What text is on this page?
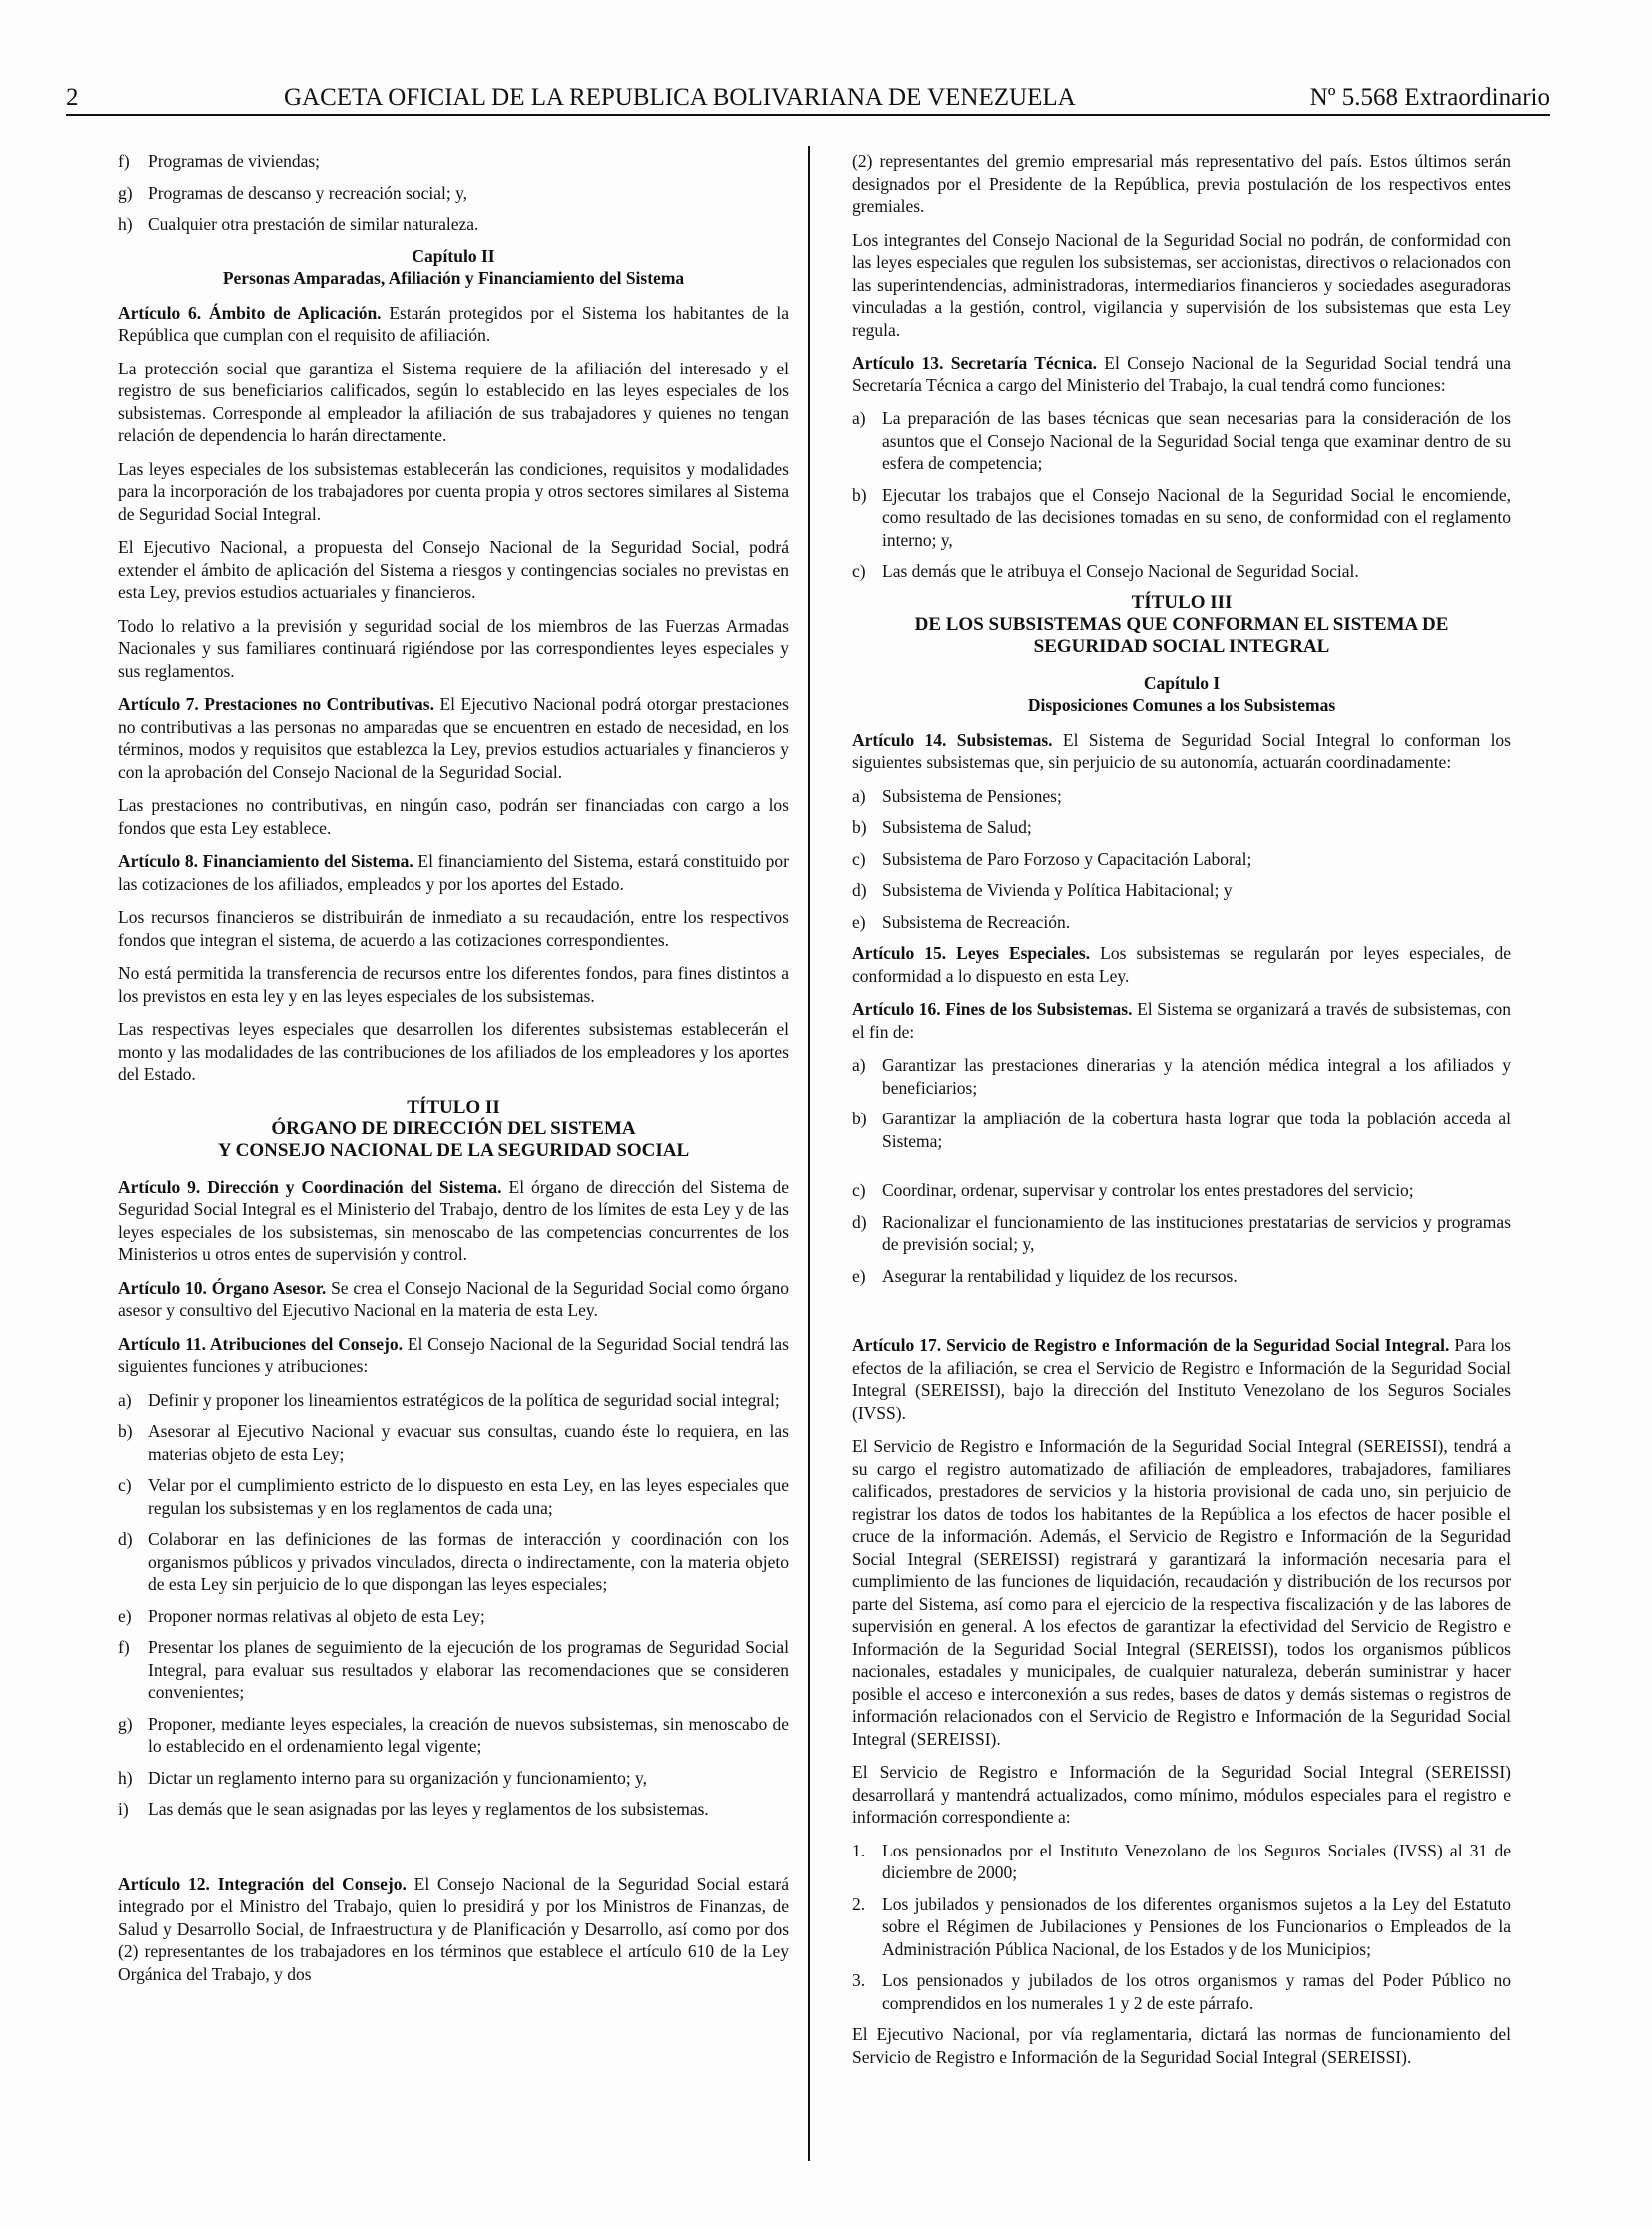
2	GACETA OFICIAL DE LA REPUBLICA BOLIVARIANA DE VENEZUELA	Nº 5.568 Extraordinario
f) Programas de viviendas;
g) Programas de descanso y recreación social; y,
h) Cualquier otra prestación de similar naturaleza.
Capítulo II
Personas Amparadas, Afiliación y Financiamiento del Sistema

Artículo 6. Ámbito de Aplicación. Estarán protegidos por el Sistema los habitantes de la República que cumplan con el requisito de afiliación.

La protección social que garantiza el Sistema requiere de la afiliación del interesado y el registro de sus beneficiarios calificados, según lo establecido en las leyes especiales de los subsistemas. Corresponde al empleador la afiliación de sus trabajadores y quienes no tengan relación de dependencia lo harán directamente.

Las leyes especiales de los subsistemas establecerán las condiciones, requisitos y modalidades para la incorporación de los trabajadores por cuenta propia y otros sectores similares al Sistema de Seguridad Social Integral.

El Ejecutivo Nacional, a propuesta del Consejo Nacional de la Seguridad Social, podrá extender el ámbito de aplicación del Sistema a riesgos y contingencias sociales no previstas en esta Ley, previos estudios actuariales y financieros.

Todo lo relativo a la previsión y seguridad social de los miembros de las Fuerzas Armadas Nacionales y sus familiares continuará rigiéndose por las correspondientes leyes especiales y sus reglamentos.

Artículo 7. Prestaciones no Contributivas. El Ejecutivo Nacional podrá otorgar prestaciones no contributivas a las personas no amparadas que se encuentren en estado de necesidad, en los términos, modos y requisitos que establezca la Ley, previos estudios actuariales y financieros y con la aprobación del Consejo Nacional de la Seguridad Social.

Las prestaciones no contributivas, en ningún caso, podrán ser financiadas con cargo a los fondos que esta Ley establece.

Artículo 8. Financiamiento del Sistema. El financiamiento del Sistema, estará constituido por las cotizaciones de los afiliados, empleados y por los aportes del Estado.

Los recursos financieros se distribuirán de inmediato a su recaudación, entre los respectivos fondos que integran el sistema, de acuerdo a las cotizaciones correspondientes.

No está permitida la transferencia de recursos entre los diferentes fondos, para fines distintos a los previstos en esta ley y en las leyes especiales de los subsistemas.

Las respectivas leyes especiales que desarrollen los diferentes subsistemas establecerán el monto y las modalidades de las contribuciones de los afiliados de los empleadores y los aportes del Estado.

TÍTULO II
ÓRGANO DE DIRECCIÓN DEL SISTEMA
Y CONSEJO NACIONAL DE LA SEGURIDAD SOCIAL

Artículo 9. Dirección y Coordinación del Sistema. El órgano de dirección del Sistema de Seguridad Social Integral es el Ministerio del Trabajo, dentro de los límites de esta Ley y de las leyes especiales de los subsistemas, sin menoscabo de las competencias concurrentes de los Ministerios u otros entes de supervisión y control.

Artículo 10. Órgano Asesor. Se crea el Consejo Nacional de la Seguridad Social como órgano asesor y consultivo del Ejecutivo Nacional en la materia de esta Ley.

Artículo 11. Atribuciones del Consejo. El Consejo Nacional de la Seguridad Social tendrá las siguientes funciones y atribuciones:

a) Definir y proponer los lineamientos estratégicos de la política de seguridad social integral;
b) Asesorar al Ejecutivo Nacional y evacuar sus consultas, cuando éste lo requiera, en las materias objeto de esta Ley;
c) Velar por el cumplimiento estricto de lo dispuesto en esta Ley, en las leyes especiales que regulan los subsistemas y en los reglamentos de cada una;
d) Colaborar en las definiciones de las formas de interacción y coordinación con los organismos públicos y privados vinculados, directa o indirectamente, con la materia objeto de esta Ley sin perjuicio de lo que dispongan las leyes especiales;
e) Proponer normas relativas al objeto de esta Ley;
f) Presentar los planes de seguimiento de la ejecución de los programas de Seguridad Social Integral, para evaluar sus resultados y elaborar las recomendaciones que se consideren convenientes;
g) Proponer, mediante leyes especiales, la creación de nuevos subsistemas, sin menoscabo de lo establecido en el ordenamiento legal vigente;
h) Dictar un reglamento interno para su organización y funcionamiento; y,
i) Las demás que le sean asignadas por las leyes y reglamentos de los subsistemas.

Artículo 12. Integración del Consejo. El Consejo Nacional de la Seguridad Social estará integrado por el Ministro del Trabajo, quien lo presidirá y por los Ministros de Finanzas, de Salud y Desarrollo Social, de Infraestructura y de Planificación y Desarrollo, así como por dos (2) representantes de los trabajadores en los términos que establece el artículo 610 de la Ley Orgánica del Trabajo, y dos

(2) representantes del gremio empresarial más representativo del país. Estos últimos serán designados por el Presidente de la República, previa postulación de los respectivos entes gremiales.

Los integrantes del Consejo Nacional de la Seguridad Social no podrán, de conformidad con las leyes especiales que regulen los subsistemas, ser accionistas, directivos o relacionados con las superintendencias, administradoras, intermediarios financieros y sociedades aseguradoras vinculadas a la gestión, control, vigilancia y supervisión de los subsistemas que esta Ley regula.

Artículo 13. Secretaría Técnica. El Consejo Nacional de la Seguridad Social tendrá una Secretaría Técnica a cargo del Ministerio del Trabajo, la cual tendrá como funciones:

a) La preparación de las bases técnicas que sean necesarias para la consideración de los asuntos que el Consejo Nacional de la Seguridad Social tenga que examinar dentro de su esfera de competencia;
b) Ejecutar los trabajos que el Consejo Nacional de la Seguridad Social le encomiende, como resultado de las decisiones tomadas en su seno, de conformidad con el reglamento interno; y,
c) Las demás que le atribuya el Consejo Nacional de Seguridad Social.
TÍTULO III
DE LOS SUBSISTEMAS QUE CONFORMAN EL SISTEMA DE
SEGURIDAD SOCIAL INTEGRAL
Capítulo I
Disposiciones Comunes a los Subsistemas

Artículo 14. Subsistemas. El Sistema de Seguridad Social Integral lo conforman los siguientes subsistemas que, sin perjuicio de su autonomía, actuarán coordinadamente:

a) Subsistema de Pensiones;
b) Subsistema de Salud;
c) Subsistema de Paro Forzoso y Capacitación Laboral;
d) Subsistema de Vivienda y Política Habitacional; y
e) Subsistema de Recreación.

Artículo 15. Leyes Especiales. Los subsistemas se regularán por leyes especiales, de conformidad a lo dispuesto en esta Ley.

Artículo 16. Fines de los Subsistemas. El Sistema se organizará a través de subsistemas, con el fin de:

a) Garantizar las prestaciones dinerarias y la atención médica integral a los afiliados y beneficiarios;
b) Garantizar la ampliación de la cobertura hasta lograr que toda la población acceda al Sistema;
c) Coordinar, ordenar, supervisar y controlar los entes prestadores del servicio;
d) Racionalizar el funcionamiento de las instituciones prestatarias de servicios y programas de previsión social; y,
e) Asegurar la rentabilidad y liquidez de los recursos.

Artículo 17. Servicio de Registro e Información de la Seguridad Social Integral. Para los efectos de la afiliación, se crea el Servicio de Registro e Información de la Seguridad Social Integral (SEREISSI), bajo la dirección del Instituto Venezolano de los Seguros Sociales (IVSS).

El Servicio de Registro e Información de la Seguridad Social Integral (SEREISSI), tendrá a su cargo el registro automatizado de afiliación de empleadores, trabajadores, familiares calificados, prestadores de servicios y la historia provisional de cada uno, sin perjuicio de registrar los datos de todos los habitantes de la República a los efectos de hacer posible el cruce de la información. Además, el Servicio de Registro e Información de la Seguridad Social Integral (SEREISSI) registrará y garantizará la información necesaria para el cumplimiento de las funciones de liquidación, recaudación y distribución de los recursos por parte del Sistema, así como para el ejercicio de la respectiva fiscalización y de las labores de supervisión en general. A los efectos de garantizar la efectividad del Servicio de Registro e Información de la Seguridad Social Integral (SEREISSI), todos los organismos públicos nacionales, estadales y municipales, de cualquier naturaleza, deberán suministrar y hacer posible el acceso e interconexión a sus redes, bases de datos y demás sistemas o registros de información relacionados con el Servicio de Registro e Información de la Seguridad Social Integral (SEREISSI).

El Servicio de Registro e Información de la Seguridad Social Integral (SEREISSI) desarrollará y mantendrá actualizados, como mínimo, módulos especiales para el registro e información correspondiente a:

1. Los pensionados por el Instituto Venezolano de los Seguros Sociales (IVSS) al 31 de diciembre de 2000;
2. Los jubilados y pensionados de los diferentes organismos sujetos a la Ley del Estatuto sobre el Régimen de Jubilaciones y Pensiones de los Funcionarios o Empleados de la Administración Pública Nacional, de los Estados y de los Municipios;
3. Los pensionados y jubilados de los otros organismos y ramas del Poder Público no comprendidos en los numerales 1 y 2 de este párrafo.

El Ejecutivo Nacional, por vía reglamentaria, dictará las normas de funcionamiento del Servicio de Registro e Información de la Seguridad Social Integral (SEREISSI).
